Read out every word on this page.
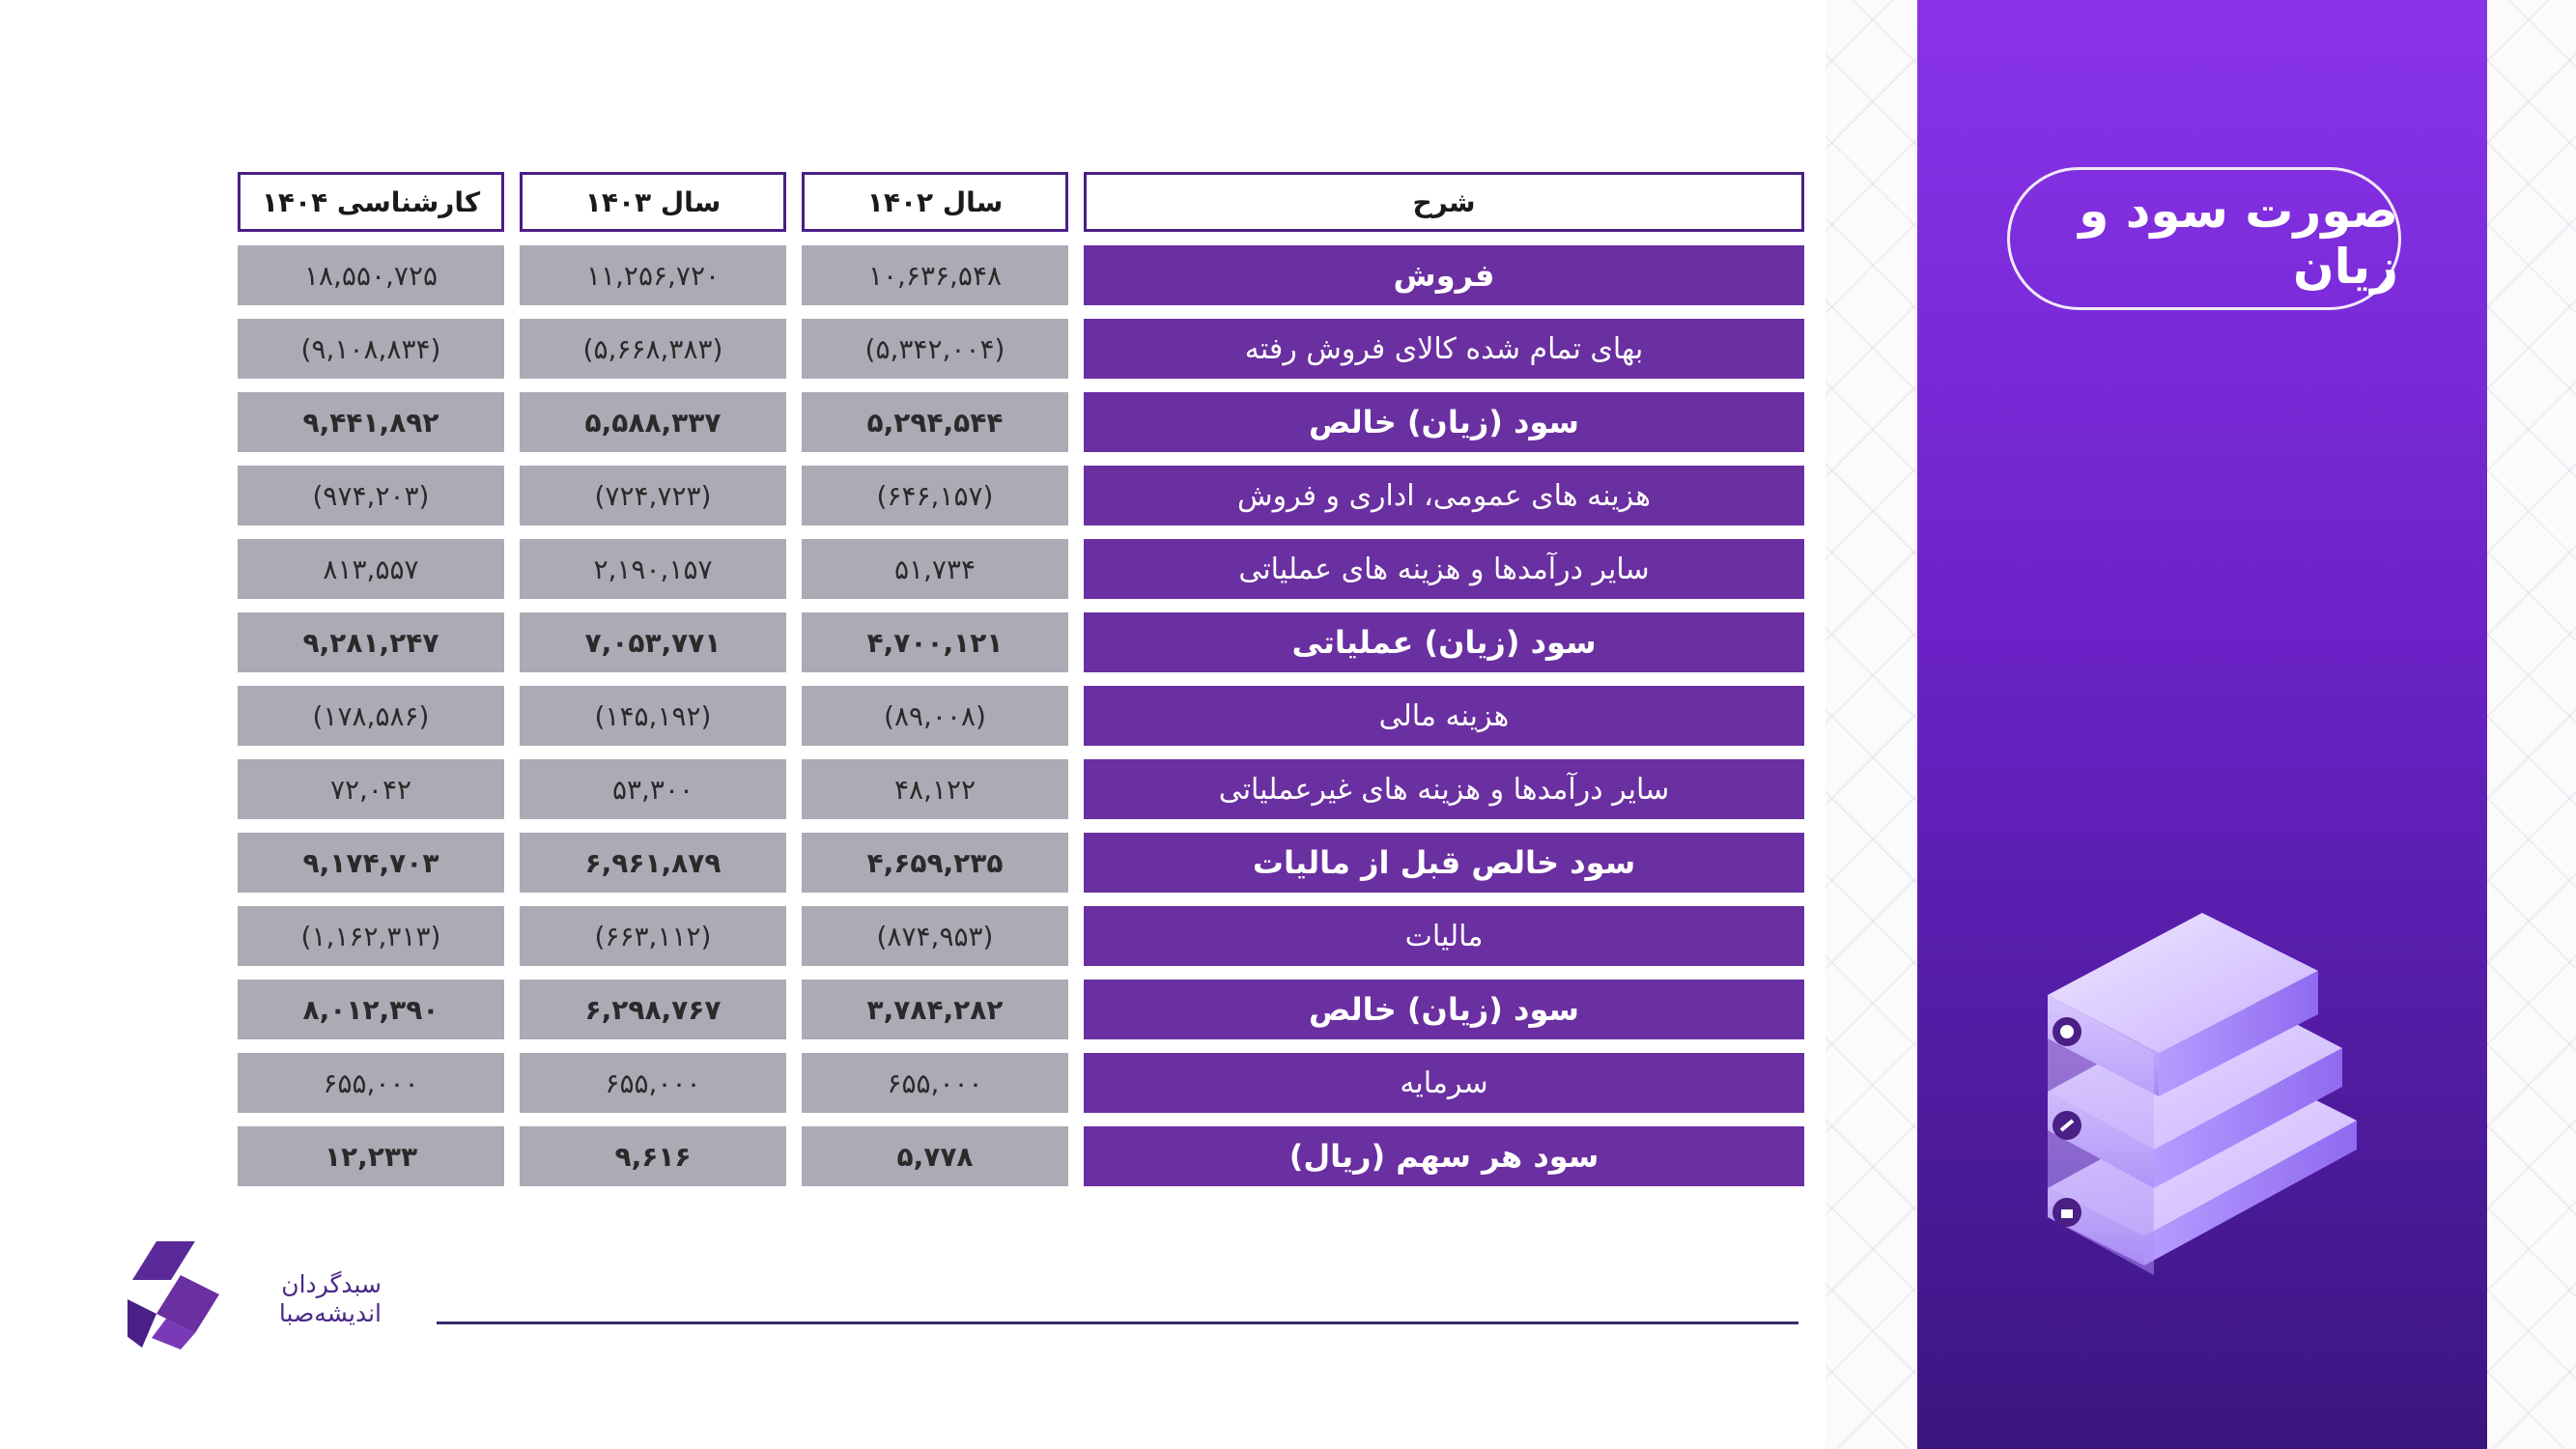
صورت سود و زیان
شرح		سال ۱۴۰۲		سال ۱۴۰۳		کارشناسی ۱۴۰۴

فروش		۱۰,۶۳۶,۵۴۸		۱۱,۲۵۶,۷۲۰		۱۸,۵۵۰,۷۲۵

بهای تمام شده کالای فروش رفته		(۵,۳۴۲,۰۰۴)		(۵,۶۶۸,۳۸۳)		(۹,۱۰۸,۸۳۴)

سود (زیان) خالص		۵,۲۹۴,۵۴۴		۵,۵۸۸,۳۳۷		۹,۴۴۱,۸۹۲

هزینه های عمومی، اداری و فروش		(۶۴۶,۱۵۷)		(۷۲۴,۷۲۳)		(۹۷۴,۲۰۳)

سایر درآمدها و هزینه های عملیاتی		۵۱,۷۳۴		۲,۱۹۰,۱۵۷		۸۱۳,۵۵۷

سود (زیان) عملیاتی		۴,۷۰۰,۱۲۱		۷,۰۵۳,۷۷۱		۹,۲۸۱,۲۴۷

هزینه مالی		(۸۹,۰۰۸)		(۱۴۵,۱۹۲)		(۱۷۸,۵۸۶)

سایر درآمدها و هزینه های غیرعملیاتی		۴۸,۱۲۲		۵۳,۳۰۰		۷۲,۰۴۲

سود خالص قبل از مالیات		۴,۶۵۹,۲۳۵		۶,۹۶۱,۸۷۹		۹,۱۷۴,۷۰۳

مالیات		(۸۷۴,۹۵۳)		(۶۶۳,۱۱۲)		(۱,۱۶۲,۳۱۳)

سود (زیان) خالص		۳,۷۸۴,۲۸۲		۶,۲۹۸,۷۶۷		۸,۰۱۲,۳۹۰

سرمایه		۶۵۵,۰۰۰		۶۵۵,۰۰۰		۶۵۵,۰۰۰

سود هر سهم (ریال)		۵,۷۷۸		۹,۶۱۶		۱۲,۲۳۳
سبدگردان
اندیشه‌صبا
